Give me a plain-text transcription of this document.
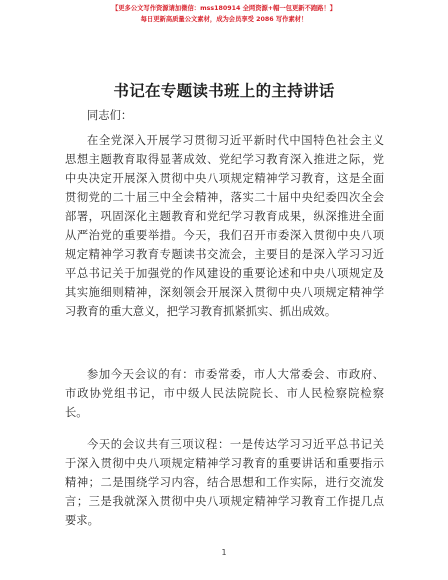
【更多公文写作资源请加微信：mss180914 全网资源+帽一包更新不跑路！】
每日更新高质量公文素材，成为会员享受 2086 写作素材！
书记在专题读书班上的主持讲话
同志们：
在全党深入开展学习贯彻习近平新时代中国特色社会主义
思想主题教育取得显著成效、党纪学习教育深入推进之际，党
中央决定开展深入贯彻中央八项规定精神学习教育，这是全面
贯彻党的二十届三中全会精神，落实二十届中央纪委四次全会
部署，巩固深化主题教育和党纪学习教育成果，纵深推进全面
从严治党的重要举措。今天，我们召开市委深入贯彻中央八项
规定精神学习教育专题读书交流会，主要目的是深入学习习近
平总书记关于加强党的作风建设的重要论述和中央八项规定及
其实施细则精神，深刻领会开展深入贯彻中央八项规定精神学
习教育的重大意义，把学习教育抓紧抓实、抓出成效。
参加今天会议的有：市委常委，市人大常委会、市政府、
市政协党组书记，市中级人民法院院长、市人民检察院检察
长。
今天的会议共有三项议程：一是传达学习习近平总书记关
于深入贯彻中央八项规定精神学习教育的重要讲话和重要指示
精神；二是围绕学习内容，结合思想和工作实际，进行交流发
言；三是我就深入贯彻中央八项规定精神学习教育工作提几点
要求。
1
